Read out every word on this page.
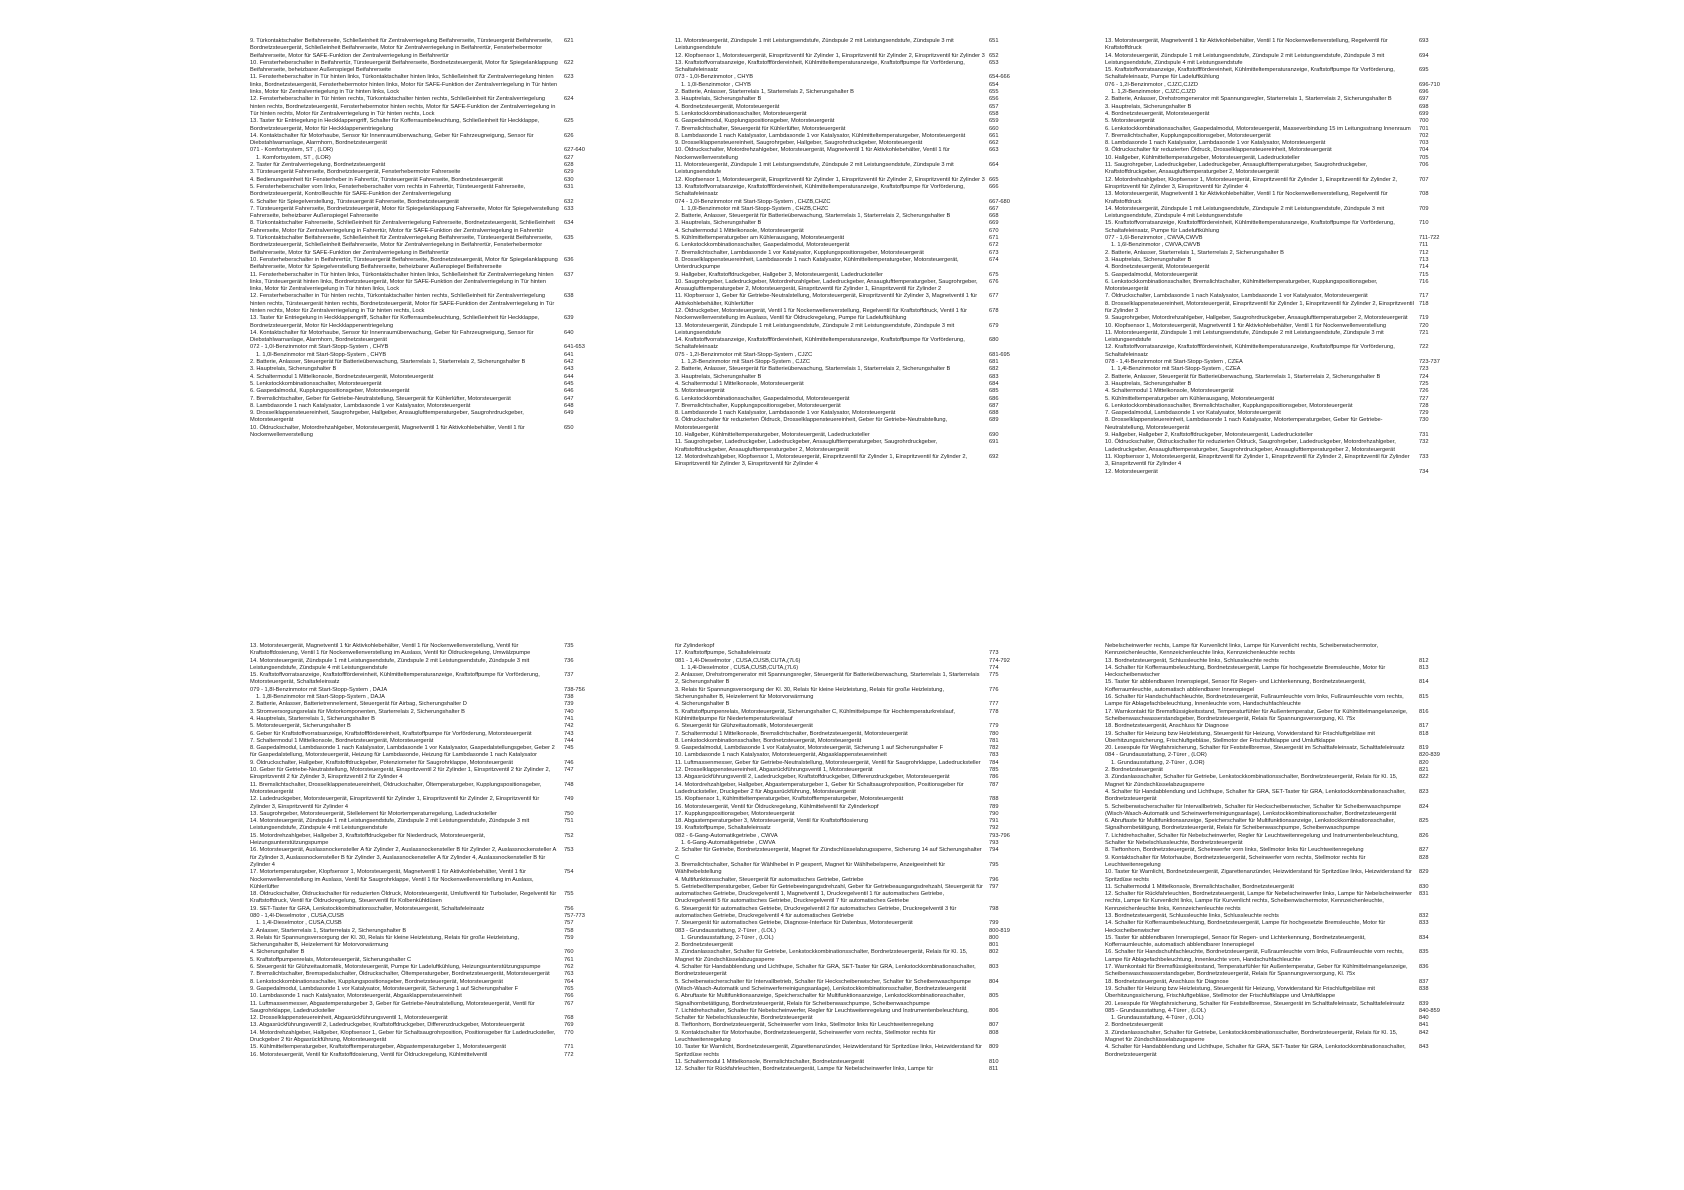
9. Türkontaktschalter Beifahrerseite, Schließeinheit für Zentralverriegelung Beifahrerseite, Türsteuergerät Beifahrerseite, Bordnetzsteuergerät, Schließeinheit Beifahrerseite, Motor für Zentralverriegelung in Beifahrertür, Fensterhebermotor Beifahrerseite, Motor für SAFE-Funktion der Zentralverriegelung in Beifahrertür
621
10. Fensterheberschalter in Beifahrertür, Türsteuergerät Beifahrerseite, Bordnetzsteuergerät, Motor für Spiegelanklappung Beifahrerseite, beheizbarer Außenspiegel Beifahrerseite
622
11. Fensterheberschalter in Tür hinten links, Türkontaktschalter hinten links, Schließeinheit für Zentralverriegelung hinten links, Bordnetzsteuergerät, Fensterhebermotor hinten links, Motor für SAFE-Funktion der Zentralverriegelung in Tür hinten links, Motor für Zentralverriegelung in Tür hinten links, Lock
623
12. Fensterheberschalter in Tür hinten rechts, Türkontaktschalter hinten rechts, Schließeinheit für Zentralverriegelung hinten rechts, Bordnetzsteuergerät, Fensterhebermotor hinten rechts, Motor für SAFE-Funktion der Zentralverriegelung in Tür hinten rechts, Motor für Zentralverriegelung in Tür hinten rechts, Lock
624
13. Taster für Entriegelung in Heckklappengriff, Schalter für Kofferraumbeleuchtung, Schließeinheit für Heckklappe, Bordnetzsteuergerät, Motor für Heckklappenentriegelung
625
14. Kontaktschalter für Motorhaube, Sensor für Innenraumüberwachung, Geber für Fahrzeugneigung, Sensor für Diebstahlwarnanlage, Alarmhorn, Bordnetzsteuergerät
626
071 - Komfortsystem, ST , (LOR)	627-640
1. Komfortsystem, ST , (LOR)	627
2. Taster für Zentralverriegelung, Bordnetzsteuergerät	628
3. Türsteuergerät Fahrerseite, Bordnetzsteuergerät, Fensterhebermotor Fahrerseite	629
4. Bedienungseinheit für Fensterheber in Fahrertür, Türsteuergerät Fahrerseite, Bordnetzsteuergerät	630
5. Fensterheberschalter vorn links, Fensterheberschalter vorn rechts in Fahrertür, Türsteuergerät Fahrerseite, Bordnetzsteuergerät, Kontrollleuchte für SAFE-Funktion der Zentralverriegelung
631
6. Schalter für Spiegelverstellung, Türsteuergerät Fahrerseite, Bordnetzsteuergerät	632
7. Türsteuergerät Fahrerseite, Bordnetzsteuergerät, Motor für Spiegelanklappung Fahrerseite, Motor für Spiegelverstellung Fahrerseite, beheizbarer Außenspiegel Fahrerseite
633
8. Türkontaktschalter Fahrerseite, Schließeinheit für Zentralverriegelung Fahrerseite, Bordnetzsteuergerät, Schließeinheit Fahrerseite, Motor für Zentralverriegelung in Fahrertür, Motor für SAFE-Funktion der Zentralverriegelung in Fahrertür
634
9. Türkontaktschalter Beifahrerseite, Schließeinheit für Zentralverriegelung Beifahrerseite, Türsteuergerät Beifahrerseite, Bordnetzsteuergerät, Schließeinheit Beifahrerseite, Motor für Zentralverriegelung in Beifahrertür, Fensterhebermotor Beifahrerseite, Motor für SAFE-Funktion der Zentralverriegelung in Beifahrertür
635
10. Fensterheberschalter in Beifahrertür, Türsteuergerät Beifahrerseite, Bordnetzsteuergerät, Motor für Spiegelanklappung Beifahrerseite, Motor für Spiegelverstellung Beifahrerseite, beheizbarer Außenspiegel Beifahrerseite
636
11. Fensterheberschalter in Tür hinten links, Türkontaktschalter hinten links, Schließeinheit für Zentralverriegelung hinten links, Türsteuergerät hinten links, Bordnetzsteuergerät, Motor für SAFE-Funktion der Zentralverriegelung in Tür hinten links, Motor für Zentralverriegelung in Tür hinten links, Lock
637
12. Fensterheberschalter in Tür hinten rechts, Türkontaktschalter hinten rechts, Schließeinheit für Zentralverriegelung hinten rechts, Türsteuergerät hinten rechts, Bordnetzsteuergerät, Motor für SAFE-Funktion der Zentralverriegelung in Tür hinten rechts, Motor für Zentralverriegelung in Tür hinten rechts, Lock
638
13. Taster für Entriegelung in Heckklappengriff, Schalter für Kofferraumbeleuchtung, Schließeinheit für Heckklappe, Bordnetzsteuergerät, Motor für Heckklappenentriegelung
639
14. Kontaktschalter für Motorhaube, Sensor für Innenraumüberwachung, Geber für Fahrzeugneigung, Sensor für Diebstahlwarnanlage, Alarmhorn, Bordnetzsteuergerät
640
072 - 1,0l-Benzinmotor mit Start-Stopp-System , CHYB	641-653
1. 1,0l-Benzinmotor mit Start-Stopp-System , CHYB	641
2. Batterie, Anlasser, Steuergerät für Batterieüberwachung, Starterrelais 1, Starterrelais 2, Sicherungshalter B	642
3. Hauptrelais, Sicherungshalter B	643
4. Schaltermodul 1 Mittelkonsole, Bordnetzsteuergerät, Motorsteuergerät	644
5. Lenkstockkombinationsschalter, Motorsteuergerät	645
6. Gaspedalmodul, Kupplungspositionsgeber, Motorsteuergerät	646
7. Bremslichtschalter, Geber für Getriebe-Neutralstellung, Steuergerät für Kühlerlüfter, Motorsteuergerät	647
8. Lambdasonde 1 nach Katalysator, Lambdasonde 1 vor Katalysator, Motorsteuergerät	648
9. Drosselklappensteuereinheit, Saugrohrgeber, Hallgeber, Ansauglufttemperaturgeber, Saugrohrdruckgeber, Motorsteuergerät
649
10. Öldruckschalter, Motordrehzahlgeber, Motorsteuergerät, Magnetventil 1 für Aktivkohlebehälter, Ventil 1 für Nockenwellenverstellung
650
11. Motorsteuergerät, Zündspule 1 mit Leistungsendstufe, Zündspule 2 mit Leistungsendstufe, Zündspule 3 mit Leistungsendstufe
651
12. Klopfsensor 1, Motorsteuergerät, Einspritzventil für Zylinder 1, Einspritzventil für Zylinder 2, Einspritzventil für Zylinder 3 652
13. Kraftstoffvorratsanzeige, Kraftstofffördereinheit, Kühlmitteltemperaturanzeige, Kraftstoffpumpe für Vorförderung, Schaltafeleinsatz
653
073 - 1,0l-Benzinmotor , CHYB	654-666
1. 1,0l-Benzinmotor , CHYB	654
2. Batterie, Anlasser, Starterrelais 1, Starterrelais 2, Sicherungshalter B	655
3. Hauptrelais, Sicherungshalter B	656
4. Bordnetzsteuergerät, Motorsteuergerät	657
5. Lenkstockkombinationsschalter, Motorsteuergerät	658
6. Gaspedalmodul, Kupplungspositionsgeber, Motorsteuergerät	659
7. Bremslichtschalter, Steuergerät für Kühlerlüfter, Motorsteuergerät	660
8. Lambdasonde 1 nach Katalysator, Lambdasonde 1 vor Katalysator, Kühlmitteltemperaturgeber, Motorsteuergerät	661
9. Drosselklappensteuereinheit, Saugrohrgeber, Hallgeber, Saugrohrdruckgeber, Motorsteuergerät	662
10. Öldruckschalter, Motordrehzahlgeber, Motorsteuergerät, Magnetventil 1 für Aktivkohlebehälter, Ventil 1 für Nockenwellenverstellung
663
11. Motorsteuergerät, Zündspule 1 mit Leistungsendstufe, Zündspule 2 mit Leistungsendstufe, Zündspule 3 mit Leistungsendstufe
664
12. Klopfsensor 1, Motorsteuergerät, Einspritzventil für Zylinder 1, Einspritzventil für Zylinder 2, Einspritzventil für Zylinder 3 665
13. Kraftstoffvorratsanzeige, Kraftstofffördereinheit, Kühlmitteltemperaturanzeige, Kraftstoffpumpe für Vorförderung, Schaltafeleinsatz
666
074 - 1,0l-Benzinmotor mit Start-Stopp-System , CHZB,CHZC	667-680
1. 1,0l-Benzinmotor mit Start-Stopp-System , CHZB,CHZC	667
2. Batterie, Anlasser, Steuergerät für Batterieüberwachung, Starterrelais 1, Starterrelais 2, Sicherungshalter B	668
3. Hauptrelais, Sicherungshalter B	669
4. Schaltermodul 1 Mittelkonsole, Motorsteuergerät	670
5. Kühlmitteltemperaturgeber am Kühlerausgang, Motorsteuergerät	671
6. Lenkstockkombinationsschalter, Gaspedalmodul, Motorsteuergerät	672
7. Bremslichtschalter, Lambdasonde 1 vor Katalysator, Kupplungspositionsgeber, Motorsteuergerät	673
8. Drosselklappensteuereinheit, Lambdasonde 1 nach Katalysator, Kühlmitteltemperaturgeber, Motorsteuergerät, Unterdruckpumpe
674
9. Hallgeber, Kraftstoffdruckgeber, Hallgeber 3, Motorsteuergerät, Ladedrucksteller	675
10. Saugrohrgeber, Ladedruckgeber, Motordrehzahlgeber, Ladedruckgeber, Ansauglufttemperaturgeber, Saugrohrgeber, Ansauglufttemperaturgeber 2, Motorsteuergerät, Einspritzventil für Zylinder 1, Einspritzventil für Zylinder 2
676
11. Klopfsensor 1, Geber für Getriebe-Neutralstellung, Motorsteuergerät, Einspritzventil für Zylinder 3, Magnetventil 1 für Aktivkohlebehälter, Kühlerlüfter
677
12. Öldruckgeber, Motorsteuergerät, Ventil 1 für Nockenwellenverstellung, Regelventil für Kraftstoffdruck, Ventil 1 für Nockenwellenverstellung im Auslass, Ventil für Öldruckregelung, Pumpe für Ladeluftkühlung
678
13. Motorsteuergerät, Zündspule 1 mit Leistungsendstufe, Zündspule 2 mit Leistungsendstufe, Zündspule 3 mit Leistungsendstufe
679
14. Kraftstoffvorratsanzeige, Kraftstofffördereinheit, Kühlmitteltemperaturanzeige, Kraftstoffpumpe für Vorförderung, Schaltafeleinsatz
680
075 - 1,2l-Benzinmotor mit Start-Stopp-System , CJZC	681-695
1. 1,2l-Benzinmotor mit Start-Stopp-System , CJZC	681
2. Batterie, Anlasser, Steuergerät für Batterieüberwachung, Starterrelais 1, Starterrelais 2, Sicherungshalter B	682
3. Hauptrelais, Sicherungshalter B	683
4. Schaltermodul 1 Mittelkonsole, Motorsteuergerät	684
5. Motorsteuergerät	685
6. Lenkstockkombinationsschalter, Gaspedalmodul, Motorsteuergerät	686
7. Bremslichtschalter, Kupplungspositionsgeber, Motorsteuergerät	687
8. Lambdasonde 1 nach Katalysator, Lambdasonde 1 vor Katalysator, Motorsteuergerät	688
9. Öldruckschalter für reduzierten Öldruck, Drosselklappensteuereinheit, Geber für Getriebe-Neutralstellung, Motorsteuergerät
689
10. Hallgeber, Kühlmitteltemperaturgeber, Motorsteuergerät, Ladedrucksteller	690
11. Saugrohrgeber, Ladedruckgeber, Ladedruckgeber, Ansauglufttemperaturgeber, Saugrohrdruckgeber, Kraftstoffdruckgeber, Ansauglufttemperaturgeber 2, Motorsteuergerät
691
12. Motordrehzahlgeber, Klopfsensor 1, Motorsteuergerät, Einspritzventil für Zylinder 1, Einspritzventil für Zylinder 2, Einspritzventil für Zylinder 3, Einspritzventil für Zylinder 4
692
13. Motorsteuergerät, Magnetventil 1 für Aktivkohlebehälter, Ventil 1 für Nockenwellenverstellung, Regelventil für Kraftstoffdruck
693
14. Motorsteuergerät, Zündspule 1 mit Leistungsendstufe, Zündspule 2 mit Leistungsendstufe, Zündspule 3 mit Leistungsendstufe, Zündspule 4 mit Leistungsendstufe
694
15. Kraftstoffvorratsanzeige, Kraftstofffördereinheit, Kühlmitteltemperaturanzeige, Kraftstoffpumpe für Vorförderung, Schaltafeleinsatz, Pumpe für Ladeluftkühlung
695
076 - 1,2l-Benzinmotor , CJZC,CJZD	696-710
1. 1,2l-Benzinmotor , CJZC,CJZD	696
2. Batterie, Anlasser, Drehstromgenerator mit Spannungsregler, Starterrelais 1, Starterrelais 2, Sicherungshalter B	697
3. Hauptrelais, Sicherungshalter B	698
4. Bordnetzsteuergerät, Motorsteuergerät	699
5. Motorsteuergerät	700
6. Lenkstockkombinationsschalter, Gaspedalmodul, Motorsteuergerät, Masseverbindung 15 im Leitungsstrang Innenraum	701
7. Bremslichtschalter, Kupplungspositionsgeber, Motorsteuergerät	702
8. Lambdasonde 1 nach Katalysator, Lambdasonde 1 vor Katalysator, Motorsteuergerät	703
9. Öldruckschalter für reduzierten Öldruck, Drosselklappensteuereinheit, Motorsteuergerät	704
10. Hallgeber, Kühlmitteltemperaturgeber, Motorsteuergerät, Ladedrucksteller	705
11. Saugrohrgeber, Ladedruckgeber, Ladedruckgeber, Ansauglufttemperaturgeber, Saugrohrdruckgeber, Kraftstoffdruckgeber, Ansauglufttemperaturgeber 2, Motorsteuergerät
706
12. Motordrehzahlgeber, Klopfsensor 1, Motorsteuergerät, Einspritzventil für Zylinder 1, Einspritzventil für Zylinder 2, Einspritzventil für Zylinder 3, Einspritzventil für Zylinder 4
707
13. Motorsteuergerät, Magnetventil 1 für Aktivkohlebehälter, Ventil 1 für Nockenwellenverstellung, Regelventil für Kraftstoffdruck
708
14. Motorsteuergerät, Zündspule 1 mit Leistungsendstufe, Zündspule 2 mit Leistungsendstufe, Zündspule 3 mit Leistungsendstufe, Zündspule 4 mit Leistungsendstufe
709
15. Kraftstoffvorratsanzeige, Kraftstofffördereinheit, Kühlmitteltemperaturanzeige, Kraftstoffpumpe für Vorförderung, Schaltafeleinsatz, Pumpe für Ladeluftkühlung
710
077 - 1,6l-Benzinmotor , CWVA,CWVB	711-722
1. 1,6l-Benzinmotor , CWVA,CWVB	711
2. Batterie, Anlasser, Starterrelais 1, Starterrelais 2, Sicherungshalter B	712
3. Hauptrelais, Sicherungshalter B	713
4. Bordnetzsteuergerät, Motorsteuergerät	714
5. Gaspedalmodul, Motorsteuergerät	715
6. Lenkstockkombinationsschalter, Bremslichtschalter, Kühlmitteltemperaturgeber, Kupplungspositionsgeber, Motorsteuergerät
716
7. Öldruckschalter, Lambdasonde 1 nach Katalysator, Lambdasonde 1 vor Katalysator, Motorsteuergerät	717
8. Drosselklappensteuereinheit, Motorsteuergerät, Einspritzventil für Zylinder 1, Einspritzventil für Zylinder 2, Einspritzventil für Zylinder 3
718
9. Saugrohrgeber, Motordrehzahlgeber, Hallgeber, Saugrohrdruckgeber, Ansauglufttemperaturgeber 2, Motorsteuergerät	719
10. Klopfsensor 1, Motorsteuergerät, Magnetventil 1 für Aktivkohlebehälter, Ventil 1 für Nockenwellenverstellung	720
11. Motorsteuergerät, Zündspule 1 mit Leistungsendstufe, Zündspule 2 mit Leistungsendstufe, Zündspule 3 mit Leistungsendstufe
721
12. Kraftstoffvorratsanzeige, Kraftstofffördereinheit, Kühlmitteltemperaturanzeige, Kraftstoffpumpe für Vorförderung, Schaltafeleinsatz
722
078 - 1,4l-Benzinmotor mit Start-Stopp-System , CZEA	723-737
1. 1,4l-Benzinmotor mit Start-Stopp-System , CZEA	723
2. Batterie, Anlasser, Steuergerät für Batterieüberwachung, Starterrelais 1, Starterrelais 2, Sicherungshalter B	724
3. Hauptrelais, Sicherungshalter B	725
4. Schaltermodul 1 Mittelkonsole, Motorsteuergerät	726
5. Kühlmitteltemperaturgeber am Kühlerausgang, Motorsteuergerät	727
6. Lenkstockkombinationsschalter, Bremslichtschalter, Kupplungspositionsgeber, Motorsteuergerät	728
7. Gaspedalmodul, Lambdasonde 1 vor Katalysator, Motorsteuergerät	729
8. Drosselklappensteuereinheit, Lambdasonde 1 nach Katalysator, Motortemperaturgeber, Geber für Getriebe-Neutralstellung, Motorsteuergerät
730
9. Hallgeber, Hallgeber 2, Kraftstoffdruckgeber, Motorsteuergerät, Ladedrucksteller	731
10. Öldruckschalter, Öldruckschalter für reduzierten Öldruck, Saugrohrgeber, Ladedruckgeber, Motordrehzahlgeber, Ladedruckgeber, Ansauglufttemperaturgeber, Saugrohrdruckgeber, Ansauglufttemperaturgeber 2, Motorsteuergerät
732
11. Klopfsensor 1, Motorsteuergerät, Einspritzventil für Zylinder 1, Einspritzventil für Zylinder 2, Einspritzventil für Zylinder 3, Einspritzventil für Zylinder 4
733
12. Motorsteuergerät	734
13. Motorsteuergerät, Magnetventil 1 für Aktivkohlebehälter, Ventil 1 für Nockenwellenverstellung, Ventil für Kraftstoffdosierung, Ventil 1 für Nockenwellenverstellung im Auslass, Ventil für Öldruckregelung, Umwälzpumpe
735
14. Motorsteuergerät, Zündspule 1 mit Leistungsendstufe, Zündspule 2 mit Leistungsendstufe, Zündspule 3 mit Leistungsendstufe, Zündspule 4 mit Leistungsendstufe
736
15. Kraftstoffvorratsanzeige, Kraftstofffördereinheit, Kühlmitteltemperaturanzeige, Kraftstoffpumpe für Vorförderung, Motorsteuergerät, Schaltafeleinsatz
737
079 - 1,8l-Benzinmotor mit Start-Stopp-System , DAJA	738-756
1. 1,8l-Benzinmotor mit Start-Stopp-System , DAJA	738
2. Batterie, Anlasser, Batterietrennelement, Steuergerät für Airbag, Sicherungshalter D	739
3. Stromversorgungsrelais für Motorkomponenten, Starterrelais 2, Sicherungshalter B	740
4. Hauptrelais, Starterrelais 1, Sicherungshalter B	741
5. Motorsteuergerät, Sicherungshalter B	742
6. Geber für Kraftstoffvorratsanzeige, Kraftstofffördereinheit, Kraftstoffpumpe für Vorförderung, Motorsteuergerät	743
7. Schaltermodul 1 Mittelkonsole, Bordnetzsteuergerät, Motorsteuergerät	744
8. Gaspedalmodul, Lambdasonde 1 nach Katalysator, Lambdasonde 1 vor Katalysator, Gaspedalstellungsgeber, Geber 2 für Gaspedalstellung, Motorsteuergerät, Heizung für Lambdasonde, Heizung für Lambdasonde 1 nach Katalysator
745
9. Öldruckschalter, Hallgeber, Kraftstoffdruckgeber, Potenziometer für Saugrohrklappe, Motorsteuergerät	746
10. Geber für Getriebe-Neutralstellung, Motorsteuergerät, Einspritzventil 2 für Zylinder 1, Einspritzventil 2 für Zylinder 2, Einspritzventil 2 für Zylinder 3, Einspritzventil 2 für Zylinder 4
747
11. Bremslichtschalter, Drosselklappensteuereinheit, Öldruckschalter, Öltemperaturgeber, Kupplungspositionsgeber, Motorsteuergerät
748
12. Ladedruckgeber, Motorsteuergerät, Einspritzventil für Zylinder 1, Einspritzventil für Zylinder 2, Einspritzventil für Zylinder 3, Einspritzventil für Zylinder 4
749
13. Saugrohrgeber, Motorsteuergerät, Stellelement für Motortemperaturregelung, Ladedrucksteller	750
14. Motorsteuergerät, Zündspule 1 mit Leistungsendstufe, Zündspule 2 mit Leistungsendstufe, Zündspule 3 mit Leistungsendstufe, Zündspule 4 mit Leistungsendstufe
751
15. Motordrehzahlgeber, Hallgeber 3, Kraftstoffdruckgeber für Niederdruck, Motorsteuergerät, Heizungsunterstützungspumpe
752
16. Motorsteuergerät, Auslassnockensteller A für Zylinder 2, Auslassnockensteller B für Zylinder 2, Auslassnockensteller A für Zylinder 3, Auslassnockensteller B für Zylinder 3, Auslassnockensteller A für Zylinder 4, Auslassnockensteller B für Zylinder 4
753
17. Motortemperaturgeber, Klopfsensor 1, Motorsteuergerät, Magnetventil 1 für Aktivkohlebehälter, Ventil 1 für Nockenwellenverstellung im Auslass, Ventil für Saugrohrklappe, Ventil 1 für Nockenwellenverstellung im Auslass, Kühlerlüfter
754
18. Öldruckschalter, Öldruckschalter für reduzierten Öldruck, Motorsteuergerät, Umluftventil für Turbolader, Regelventil für Kraftstoffdruck, Ventil für Öldruckregelung, Steuerventil für Kolbenkühldüsen
755
19. SET-Taster für GRA, Lenkstockkombinationsschalter, Motorsteuergerät, Schaltafeleinsatz	756
080 - 1,4l-Dieselmotor , CUSA,CUSB	757-773
1. 1,4l-Dieselmotor , CUSA,CUSB	757
2. Anlasser, Starterrelais 1, Starterrelais 2, Sicherungshalter B	758
3. Relais für Spannungsversorgung der Kl. 30, Relais für kleine Heizleistung, Relais für große Heizleistung, Sicherungshalter B, Heizelement für Motorvorwärmung
759
4. Sicherungshalter B	760
5. Kraftstoffpumpenrelais, Motorsteuergerät, Sicherungshalter C	761
6. Steuergerät für Glühzeitautomatik, Motorsteuergerät, Pumpe für Ladeluftkühlung, Heizungsunterstützungspumpe	762
7. Bremslichtschalter, Bremspedalschalter, Öldruckschalter, Öltemperaturgeber, Bordnetzsteuergerät, Motorsteuergerät	763
8. Lenkstockkombinationsschalter, Kupplungspositionsgeber, Bordnetzsteuergerät, Motorsteuergerät	764
9. Gaspedalmodul, Lambdasonde 1 vor Katalysator, Motorsteuergerät, Sicherung 1 auf Sicherungshalter F	765
10. Lambdasonde 1 nach Katalysator, Motorsteuergerät, Abgasklappensteuereinheit	766
11. Luftmassenmesser, Abgastemperaturgeber 3, Geber für Getriebe-Neutralstellung, Motorsteuergerät, Ventil für Saugrohrklappe, Ladedrucksteller
767
12. Drosselklappensteuereinheit, Abgasrückführungsventil 1, Motorsteuergerät	768
13. Abgasrückführungsventil 2, Ladedruckgeber, Kraftstoffdruckgeber, Differenzdruckgeber, Motorsteuergerät	769
14. Motordrehzahlgeber, Hallgeber, Klopfsensor 1, Geber für Schaltsaugrohrposition, Positionsgeber für Ladedrucksteller, Druckgeber 2 für Abgasrückführung, Motorsteuergerät
770
15. Kühlmitteltemperaturgeber, Kraftstofftemperaturgeber, Abgastemperaturgeber 1, Motorsteuergerät	771
16. Motorsteuergerät, Ventil für Kraftstoffdosierung, Ventil für Öldruckregelung, Kühlmittelventil	772
für Zylinderkopf
17. Kraftstoffpumpe, Schaltafeleinsatz	773
081 - 1,4l-Dieselmotor , CUSA,CUSB,CUTA,(7L6)	774-792
1. 1,4l-Dieselmotor , CUSA,CUSB,CUTA,(7L6)	774
2. Anlasser, Drehstromgenerator mit Spannungsregler, Steuergerät für Batterieüberwachung, Starterrelais 1, Starterrelais 2, Sicherungshalter B
775
3. Relais für Spannungsversorgung der Kl. 30, Relais für kleine Heizleistung, Relais für große Heizleistung, Sicherungshalter B, Heizelement für Motorvorwärmung
776
4. Sicherungshalter B	777
5. Kraftstoffpumpenrelais, Motorsteuergerät, Sicherungshalter C, Kühlmittelpumpe für Hochtemperaturkreislauf, Kühlmittelpumpe für Niedertemperaturkreislauf
778
6. Steuergerät für Glühzeitautomatik, Motorsteuergerät	779
7. Schaltermodul 1 Mittelkonsole, Bremslichtschalter, Bordnetzsteuergerät, Motorsteuergerät	780
8. Lenkstockkombinationsschalter, Bordnetzsteuergerät, Motorsteuergerät	781
9. Gaspedalmodul, Lambdasonde 1 vor Katalysator, Motorsteuergerät, Sicherung 1 auf Sicherungshalter F	782
10. Lambdasonde 1 nach Katalysator, Motorsteuergerät, Abgasklappensteuereinheit	783
11. Luftmassenmesser, Geber für Getriebe-Neutralstellung, Motorsteuergerät, Ventil für Saugrohrklappe, Ladedrucksteller	784
12. Drosselklappensteuereinheit, Abgasrückführungsventil 1, Motorsteuergerät	785
13. Abgasrückführungsventil 2, Ladedruckgeber, Kraftstoffdruckgeber, Differenzdruckgeber, Motorsteuergerät	786
14. Motordrehzahlgeber, Hallgeber, Abgastemperaturgeber 1, Geber für Schaltsaugrohrposition, Positionsgeber für Ladedrucksteller, Druckgeber 2 für Abgasrückführung, Motorsteuergerät
787
15. Klopfsensor 1, Kühlmitteltemperaturgeber, Kraftstofftemperaturgeber, Motorsteuergerät	788
16. Motorsteuergerät, Ventil für Öldruckregelung, Kühlmittelventil für Zylinderkopf	789
17. Kupplungspositionsgeber, Motorsteuergerät	790
18. Abgastemperaturgeber 3, Motorsteuergerät, Ventil für Kraftstoffdosierung	791
19. Kraftstoffpumpe, Schaltafeleinsatz	792
082 - 6-Gang-Automatikgetriebe , CWVA	793-796
1. 6-Gang-Automatikgetriebe , CWVA	793
2. Schalter für Getriebe, Bordnetzsteuergerät, Magnet für Zündschlüsselabzugssperre, Sicherung 14 auf Sicherungshalter C
794
3. Bremslichtschalter, Schalter für Wählhebel in P gesperrt, Magnet für Wählhebelsperre, Anzeigeeinheit für Wählhebelstellung
795
4. Multifunktionsschalter, Steuergerät für automatisches Getriebe, Getriebe	796
5. Getriebeöltemperaturgeber, Geber für Getriebeeingangsdrehzahl, Geber für Getriebeausgangsdrehzahl, Steuergerät für automatisches Getriebe, Druckregelventil 1, Magnetventil 1, Druckregelventil 1 für automatisches Getriebe, Druckregelventil 5 für automatisches Getriebe, Druckregelventil 7 für automatisches Getriebe
797
6. Steuergerät für automatisches Getriebe, Druckregelventil 2 für automatisches Getriebe, Druckregelventil 3 für automatisches Getriebe, Druckregelventil 4 für automatisches Getriebe
798
7. Steuergerät für automatisches Getriebe, Diagnose-Interface für Datenbus, Motorsteuergerät	799
083 - Grundausstattung, 2-Türer , (LOL)	800-819
1. Grundausstattung, 2-Türer , (LOL)	800
2. Bordnetzsteuergerät	801
3. Zündanlassschalter, Schalter für Getriebe, Lenkstockkombinationsschalter, Bordnetzsteuergerät, Relais für Kl. 15, Magnet für Zündschlüsselabzugssperre
802
4. Schalter für Handabblendung und Lichthupe, Schalter für GRA, SET-Taster für GRA, Lenkstockkombinationsschalter, Bordnetzsteuergerät
803
5. Scheibenwischerschalter für Intervallbetrieb, Schalter für Heckscheibenwischer, Schalter für Scheibenwaschpumpe (Wisch-Wasch-Automatik und Scheinwerferreinigungsanlage), Lenkstockkombinationsschalter, Bordnetzsteuergerät
804
6. Abruftaste für Multifunktionsanzeige, Speicherschalter für Multifunktionsanzeige, Lenkstockkombinationsschalter, Signalhornbetätigung, Bordnetzsteuergerät, Relais für Scheibenwaschpumpe, Scheibenwaschpumpe
805
7. Lichtdrehschalter, Schalter für Nebelscheinwerfer, Regler für Leuchtweitenregelung und Instrumentenbeleuchtung, Schalter für Nebelschlussleuchte, Bordnetzsteuergerät
806
8. Tieftonhorn, Bordnetzsteuergerät, Scheinwerfer vorn links, Stellmotor links für Leuchtweitenregelung	807
9. Kontaktschalter für Motorhaube, Bordnetzsteuergerät, Scheinwerfer vorn rechts, Stellmotor rechts für Leuchtweitenregelung
808
10. Taster für Warnlicht, Bordnetzsteuergerät, Zigarettenanzünder, Heizwiderstand für Spritzdüse links, Heizwiderstand für Spritzdüse rechts
809
11. Schaltermodul 1 Mittelkonsole, Bremslichtschalter, Bordnetzsteuergerät	810
12. Schalter für Rückfahrleuchten, Bordnetzsteuergerät, Lampe für Nebelscheinwerfer links, Lampe für	811
Nebelscheinwerfer rechts, Lampe für Kurvenlicht links, Lampe für Kurvenlicht rechts, Scheibenwischermotor, Kennzeichenleuchte, Kennzeichenleuchte links, Kennzeichenleuchte rechts
13. Bordnetzsteuergerät, Schlussleuchte links, Schlussleuchte rechts	812
14. Schalter für Kofferraumbeleuchtung, Bordnetzsteuergerät, Lampe für hochgesetzte Bremsleuchte, Motor für Heckscheibenwischer
813
15. Taster für abblendbaren Innenspiegel, Sensor für Regen- und Lichterkennung, Bordnetzsteuergerät, Kofferraumleuchte, automatisch abblendbarer Innenspiegel
814
16. Schalter für Handschuhfachleuchte, Bordnetzsteuergerät, Fußraumleuchte vorn links, Fußraumleuchte vorn rechts, Lampe für Ablagefachbeleuchtung, Innenleuchte vorn, Handschuhfachleuchte
815
17. Warnkontakt für Bremsflüssigkeitsstand, Temperaturfühler für Außentemperatur, Geber für Kühlmittelmangelanzeige, Scheibenwaschwasserstandsgeber, Bordnetzsteuergerät, Relais für Spannungsversorgung, Kl. 75x
816
18. Bordnetzsteuergerät, Anschluss für Diagnose	817
19. Schalter für Heizung bzw Heizleistung, Steuergerät für Heizung, Vorwiderstand für Frischluftgebläse mit Überhitzungssicherung, Frischluftgebläse, Stellmotor der Frischluftklappe und Umluftklappe
818
20. Lesespule für Wegfahrsicherung, Schalter für Feststellbremse, Steuergerät im Schalttafeleinsatz, Schalttafeleinsatz	819
084 - Grundausstattung, 2-Türer , (LOR)	820-839
1. Grundausstattung, 2-Türer , (LOR)	820
2. Bordnetzsteuergerät	821
3. Zündanlassschalter, Schalter für Getriebe, Lenkstockkombinationsschalter, Bordnetzsteuergerät, Relais für Kl. 15, Magnet für Zündschlüsselabzugssperre
822
4. Schalter für Handabblendung und Lichthupe, Schalter für GRA, SET-Taster für GRA, Lenkstockkombinationsschalter, Bordnetzsteuergerät
823
5. Scheibenwischerschalter für Intervallbetrieb, Schalter für Heckscheibenwischer, Schalter für Scheibenwaschpumpe (Wisch-Wasch-Automatik und Scheinwerferreinigungsanlage), Lenkstockkombinationsschalter, Bordnetzsteuergerät
824
6. Abruftaste für Multifunktionsanzeige, Speicherschalter für Multifunktionsanzeige, Lenkstockkombinationsschalter, Signalhornbetätigung, Bordnetzsteuergerät, Relais für Scheibenwaschpumpe, Scheibenwaschpumpe
825
7. Lichtdrehschalter, Schalter für Nebelscheinwerfer, Regler für Leuchtweitenregelung und Instrumentenbeleuchtung, Schalter für Nebelschlussleuchte, Bordnetzsteuergerät
826
8. Tieftonhorn, Bordnetzsteuergerät, Scheinwerfer vorn links, Stellmotor links für Leuchtweitenregelung	827
9. Kontaktschalter für Motorhaube, Bordnetzsteuergerät, Scheinwerfer vorn rechts, Stellmotor rechts für Leuchtweitenregelung
828
10. Taster für Warnlicht, Bordnetzsteuergerät, Zigarettenanzünder, Heizwiderstand für Spritzdüse links, Heizwiderstand für Spritzdüse rechts
829
11. Schaltermodul 1 Mittelkonsole, Bremslichtschalter, Bordnetzsteuergerät	830
12. Schalter für Rückfahrleuchten, Bordnetzsteuergerät, Lampe für Nebelscheinwerfer links, Lampe für Nebelscheinwerfer rechts, Lampe für Kurvenlicht links, Lampe für Kurvenlicht rechts, Scheibenwischermotor, Kennzeichenleuchte, Kennzeichenleuchte links, Kennzeichenleuchte rechts
831
13. Bordnetzsteuergerät, Schlussleuchte links, Schlussleuchte rechts	832
14. Schalter für Kofferraumbeleuchtung, Bordnetzsteuergerät, Lampe für hochgesetzte Bremsleuchte, Motor für Heckscheibenwischer
833
15. Taster für abblendbaren Innenspiegel, Sensor für Regen- und Lichterkennung, Bordnetzsteuergerät, Kofferraumleuchte, automatisch abblendbarer Innenspiegel
834
16. Schalter für Handschuhfachleuchte, Bordnetzsteuergerät, Fußraumleuchte vorn links, Fußraumleuchte vorn rechts, Lampe für Ablagefachbeleuchtung, Innenleuchte vorn, Handschuhfachleuchte
835
17. Warnkontakt für Bremsflüssigkeitsstand, Temperaturfühler für Außentemperatur, Geber für Kühlmittelmangelanzeige, Scheibenwaschwasserstandsgeber, Bordnetzsteuergerät, Relais für Spannungsversorgung, Kl. 75x
836
18. Bordnetzsteuergerät, Anschluss für Diagnose	837
19. Schalter für Heizung bzw Heizleistung, Steuergerät für Heizung, Vorwiderstand für Frischluftgebläse mit Überhitzungssicherung, Frischluftgebläse, Stellmotor der Frischluftklappe und Umluftklappe
838
20. Lesespule für Wegfahrsicherung, Schalter für Feststellbremse, Steuergerät im Schalttafeleinsatz, Schalttafeleinsatz	839
085 - Grundausstattung, 4-Türer , (LOL)	840-859
1. Grundausstattung, 4-Türer , (LOL)	840
2. Bordnetzsteuergerät	841
3. Zündanlassschalter, Schalter für Getriebe, Lenkstockkombinationsschalter, Bordnetzsteuergerät, Relais für Kl. 15, Magnet für Zündschlüsselabzugssperre
842
4. Schalter für Handabblendung und Lichthupe, Schalter für GRA, SET-Taster für GRA, Lenkstockkombinationsschalter, Bordnetzsteuergerät
843
